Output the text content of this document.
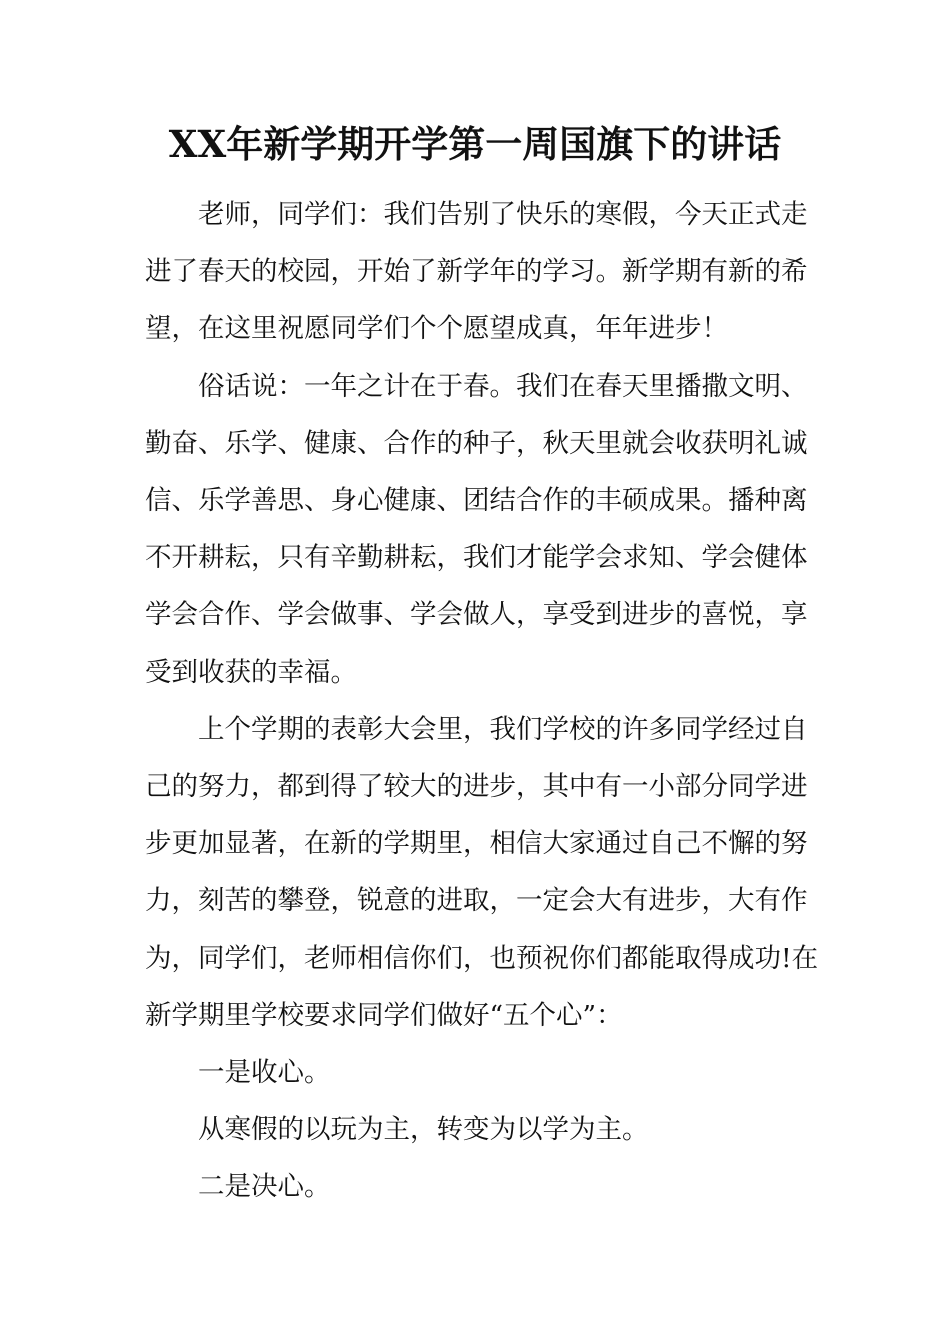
XX年新学期开学第一周国旗下的讲话

老师，同学们：我们告别了快乐的寒假，今天正式走
进了春天的校园，开始了新学年的学习。新学期有新的希
望，在这里祝愿同学们个个愿望成真，年年进步！

俗话说：一年之计在于春。我们在春天里播撒文明、
勤奋、乐学、健康、合作的种子，秋天里就会收获明礼诚
信、乐学善思、身心健康、团结合作的丰硕成果。播种离
不开耕耘，只有辛勤耕耘，我们才能学会求知、学会健体
学会合作、学会做事、学会做人，享受到进步的喜悦，享
受到收获的幸福。

上个学期的表彰大会里，我们学校的许多同学经过自
己的努力，都到得了较大的进步，其中有一小部分同学进
步更加显著，在新的学期里，相信大家通过自己不懈的努
力，刻苦的攀登，锐意的进取，一定会大有进步，大有作
为，同学们，老师相信你们，也预祝你们都能取得成功!在
新学期里学校要求同学们做好“五个心”：

一是收心。

从寒假的以玩为主，转变为以学为主。

二是决心。
